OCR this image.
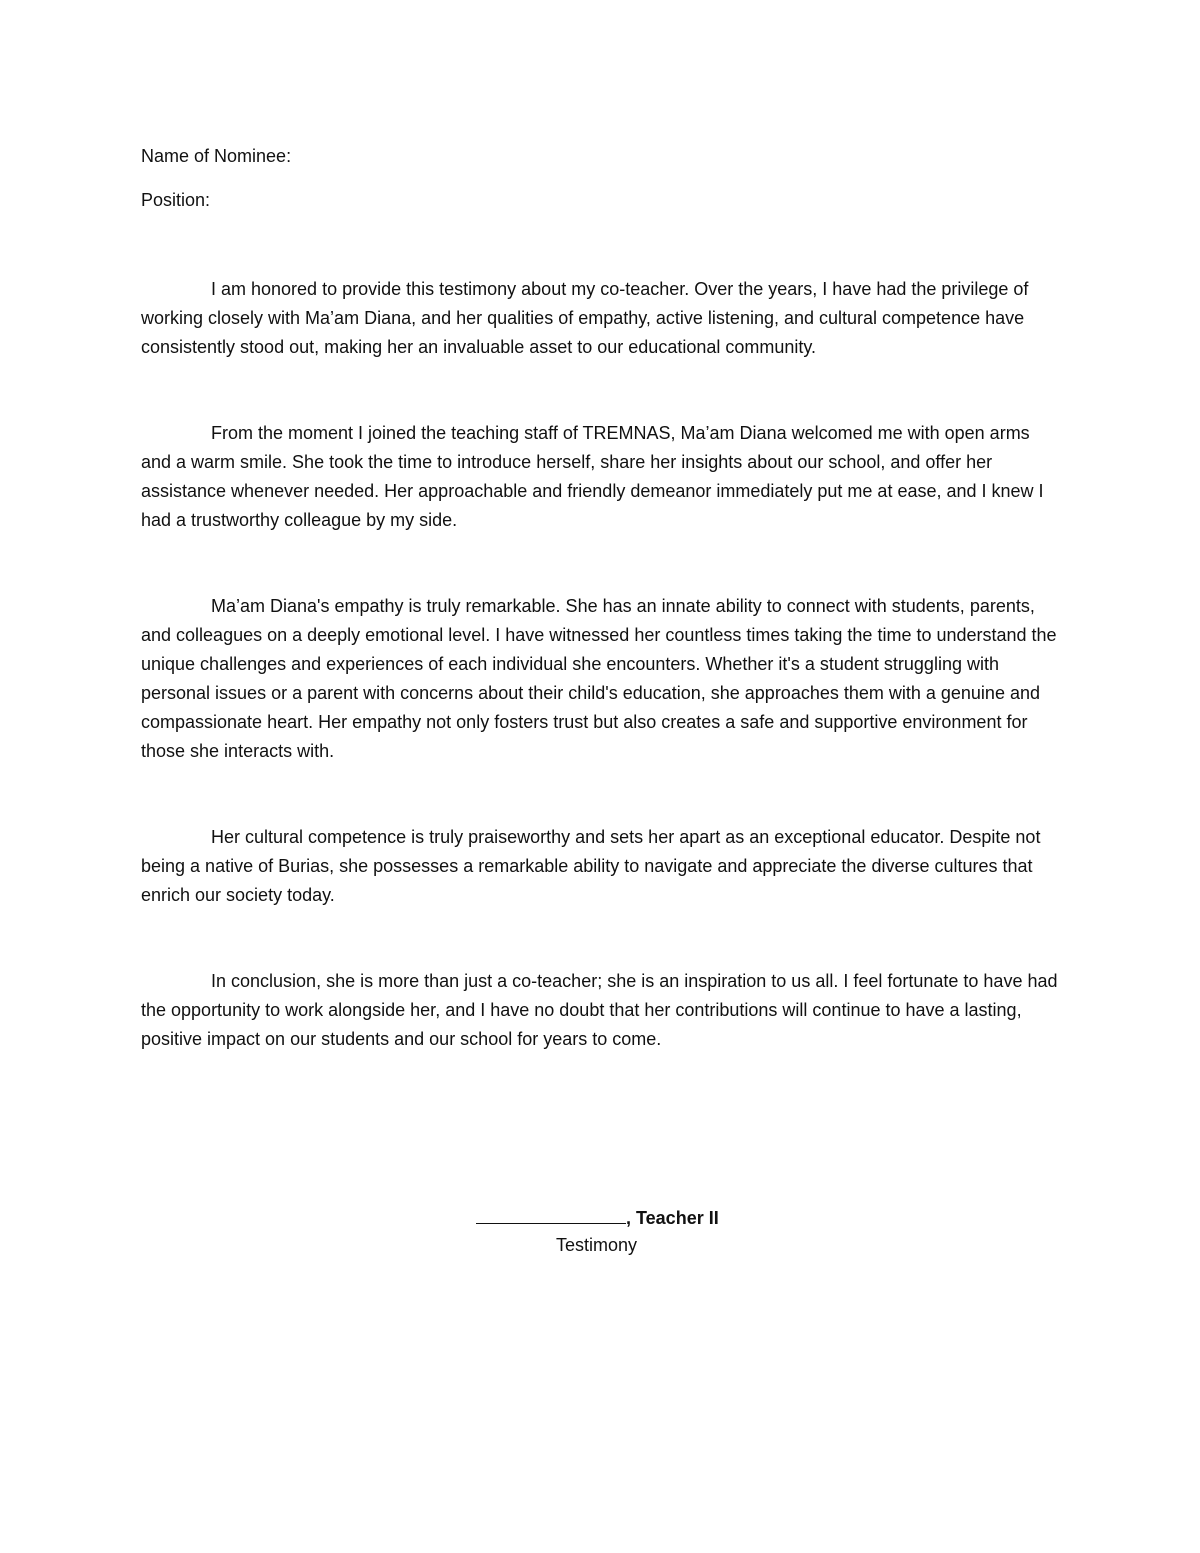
Name of Nominee:
Position:

I am honored to provide this testimony about my co-teacher. Over the years, I have had the privilege of working closely with Ma’am Diana, and her qualities of empathy, active listening, and cultural competence have consistently stood out, making her an invaluable asset to our educational community.

From the moment I joined the teaching staff of TREMNAS, Ma’am Diana welcomed me with open arms and a warm smile. She took the time to introduce herself, share her insights about our school, and offer her assistance whenever needed. Her approachable and friendly demeanor immediately put me at ease, and I knew I had a trustworthy colleague by my side.

Ma’am Diana's empathy is truly remarkable. She has an innate ability to connect with students, parents, and colleagues on a deeply emotional level. I have witnessed her countless times taking the time to understand the unique challenges and experiences of each individual she encounters. Whether it's a student struggling with personal issues or a parent with concerns about their child's education, she approaches them with a genuine and compassionate heart. Her empathy not only fosters trust but also creates a safe and supportive environment for those she interacts with.

Her cultural competence is truly praiseworthy and sets her apart as an exceptional educator. Despite not being a native of Burias, she possesses a remarkable ability to navigate and appreciate the diverse cultures that enrich our society today.

In conclusion, she is more than just a co-teacher; she is an inspiration to us all. I feel fortunate to have had the opportunity to work alongside her, and I have no doubt that her contributions will continue to have a lasting, positive impact on our students and our school for years to come.

, Teacher II
Testimony
